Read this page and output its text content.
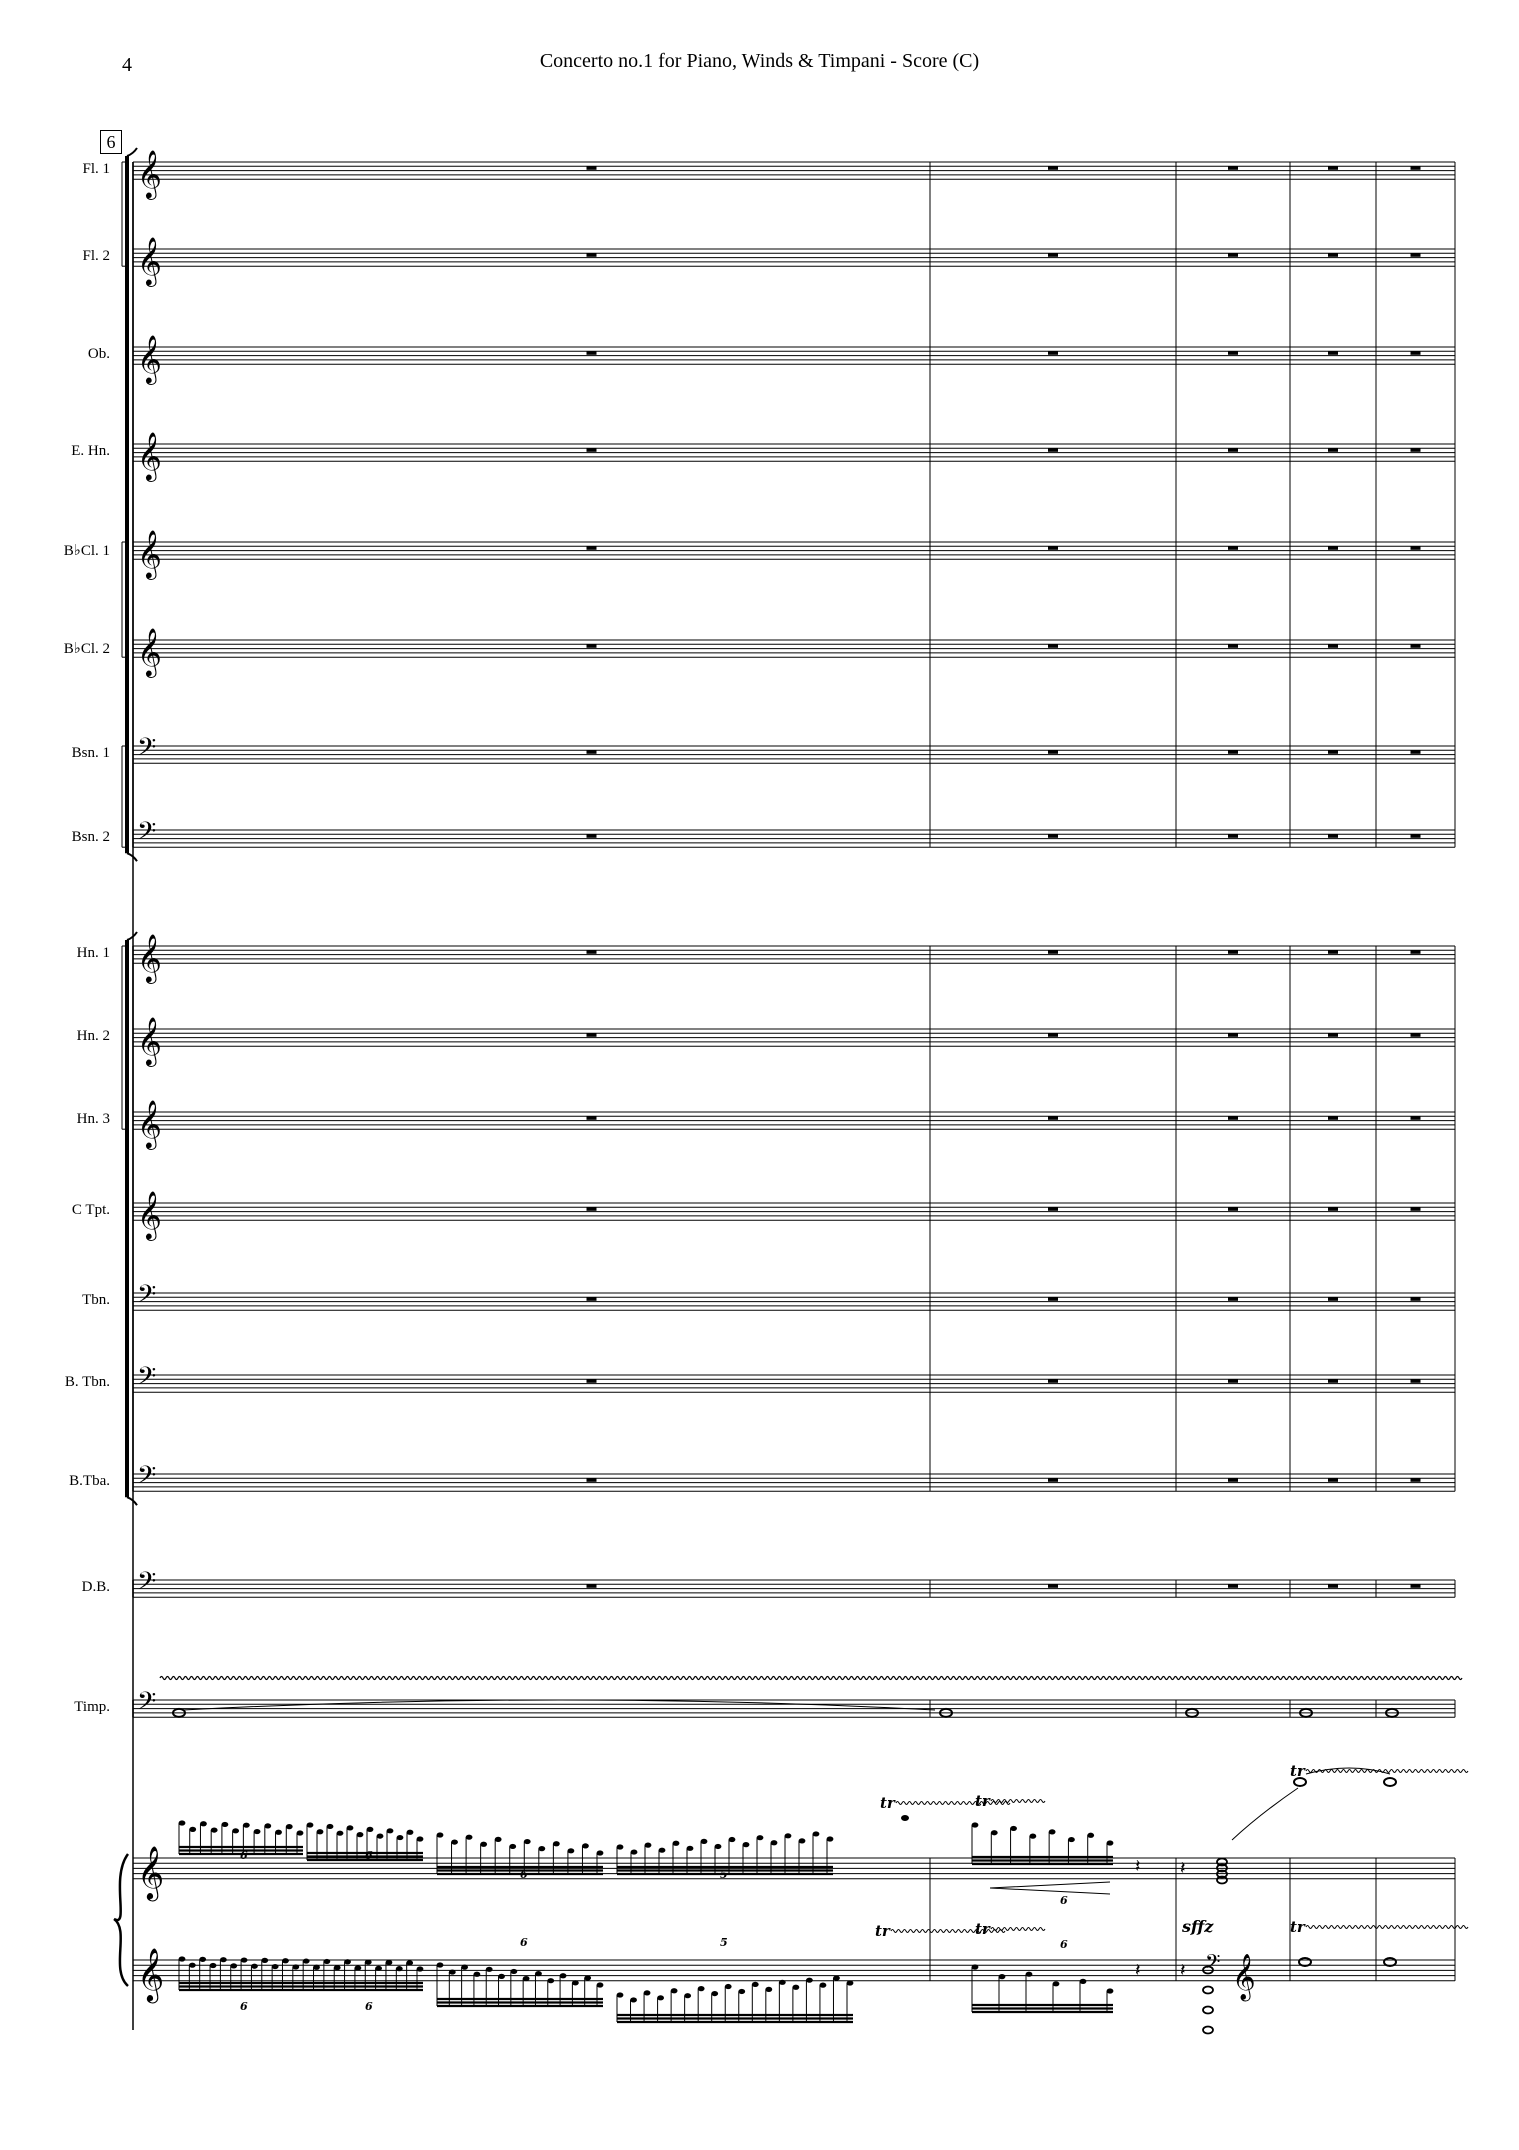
4	Concerto no.1 for Piano, Winds & Timpani - Score (C)
6
Fl. 1
Fl. 2
Ob.
E. Hn.
B♭Cl. 1
B♭Cl. 2
Bsn. 1
Bsn. 2
Hn. 1
Hn. 2
Hn. 3
C Tpt.
Tbn.
B. Tbn.
B.Tba.
D.B.
Timp.
𝄞
𝄞
𝄞
𝄞
𝄞
𝄞
𝄢
𝄢
𝄞
𝄞
𝄞
𝄞
𝄢
𝄢
𝄢
𝄢
𝄢
𝄞
𝄞
𝄽
𝄽
6	6
6	5
6
6	6
6	5	6
tr	tr
tr	tr
tr
tr
𝄽
sffz
𝄽 𝄢 𝄞
